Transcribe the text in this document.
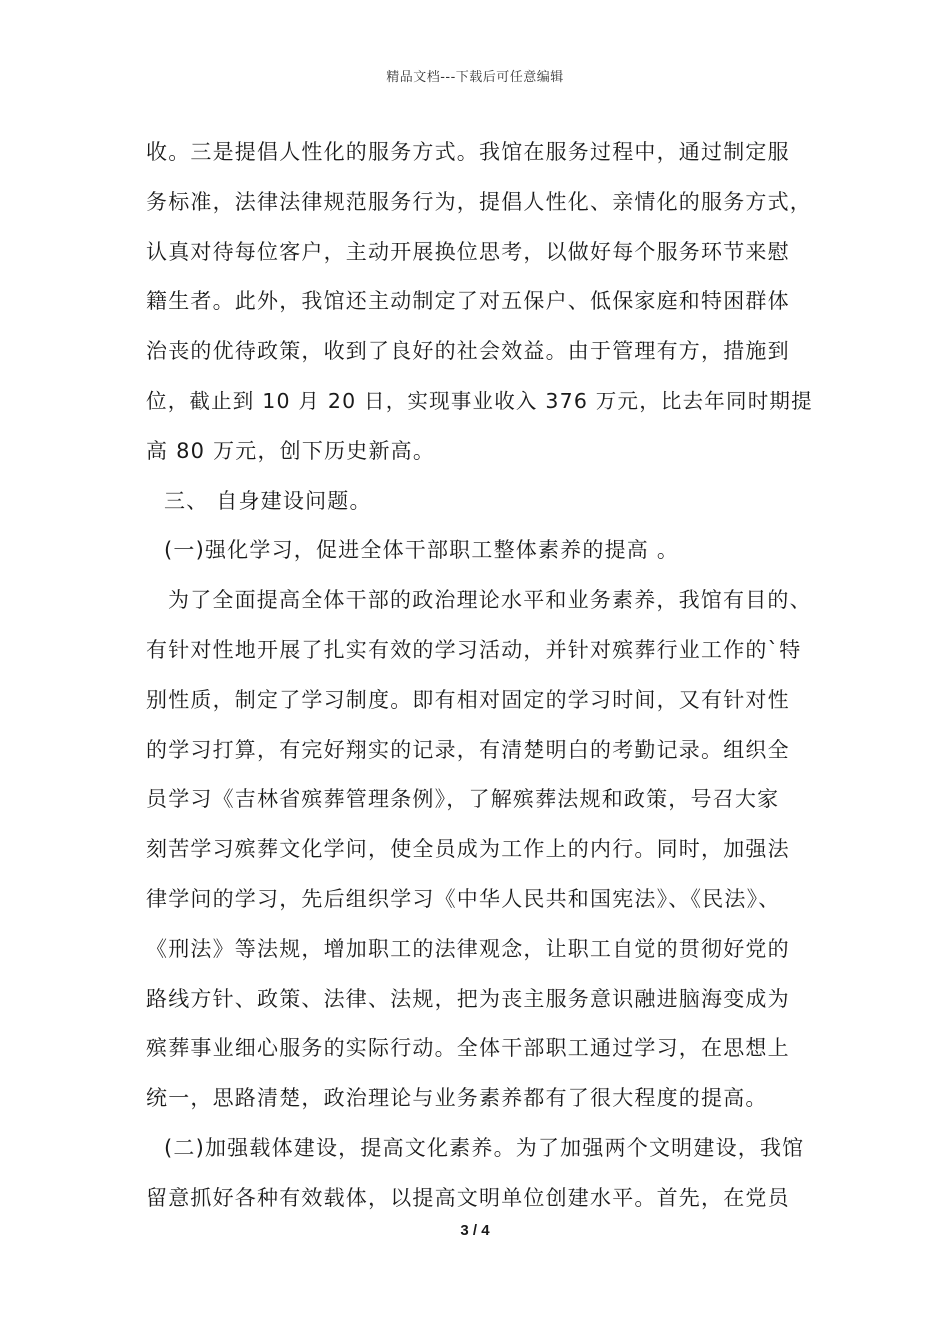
精品文档---下载后可任意编辑
收。三是提倡人性化的服务方式。我馆在服务过程中，通过制定服
务标准，法律法律规范服务行为，提倡人性化、亲情化的服务方式，
认真对待每位客户，主动开展换位思考，以做好每个服务环节来慰
籍生者。此外，我馆还主动制定了对五保户、低保家庭和特困群体
治丧的优待政策，收到了良好的社会效益。由于管理有方，措施到
位，截止到 10 月 20 日，实现事业收入 376 万元，比去年同时期提
高 80 万元，创下历史新高。
三、 自身建设问题。
(一)强化学习，促进全体干部职工整体素养的提高 。
为了全面提高全体干部的政治理论水平和业务素养，我馆有目的、
有针对性地开展了扎实有效的学习活动，并针对殡葬行业工作的`特
别性质，制定了学习制度。即有相对固定的学习时间，又有针对性
的学习打算，有完好翔实的记录，有清楚明白的考勤记录。组织全
员学习《吉林省殡葬管理条例》，了解殡葬法规和政策，号召大家
刻苦学习殡葬文化学问，使全员成为工作上的内行。同时，加强法
律学问的学习，先后组织学习《中华人民共和国宪法》、《民法》、
《刑法》等法规，增加职工的法律观念，让职工自觉的贯彻好党的
路线方针、政策、法律、法规，把为丧主服务意识融进脑海变成为
殡葬事业细心服务的实际行动。全体干部职工通过学习，在思想上
统一，思路清楚，政治理论与业务素养都有了很大程度的提高。
(二)加强载体建设，提高文化素养。为了加强两个文明建设，我馆
留意抓好各种有效载体，以提高文明单位创建水平。首先，在党员
3 / 4
